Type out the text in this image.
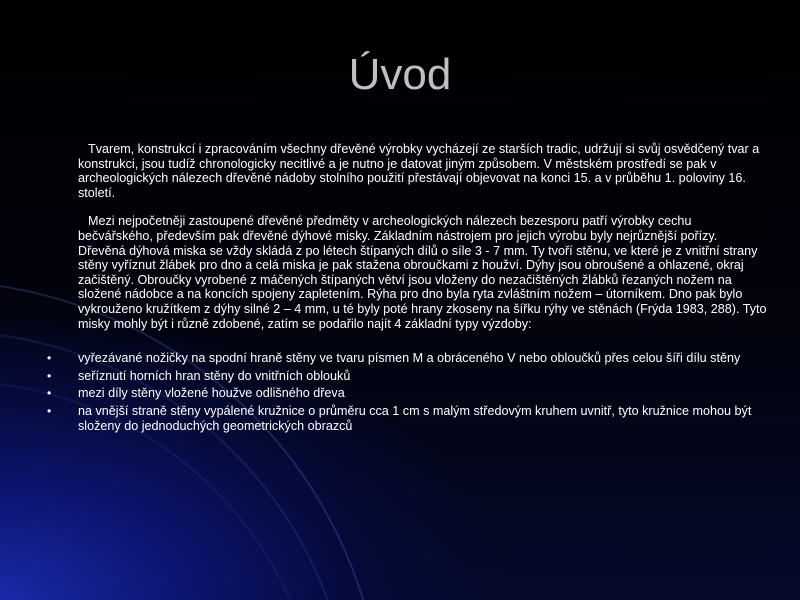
Úvod

Tvarem, konstrukcí i zpracováním všechny dřevěné výrobky vycházejí ze starších tradic, udržují si svůj osvědčený tvar a konstrukci, jsou tudíž chronologicky necitlivé a je nutno je datovat jiným způsobem. V městském prostředí se pak v archeologických nálezech dřevěné nádoby stolního použití přestávají objevovat na konci 15. a v průběhu 1. poloviny 16. století.

Mezi nejpočetněji zastoupené dřevěné předměty v archeologických nálezech bezesporu patří výrobky cechu bečvářského, především pak dřevěné dýhové misky. Základním nástrojem pro jejich výrobu byly nejrůznější pořízy. Dřevěná dýhová miska se vždy skládá z po létech štípaných dílů o síle 3 - 7 mm. Ty tvoří stěnu, ve které je z vnitřní strany stěny vyříznut žlábek pro dno a celá miska je pak stažena obroučkami z houžví. Dýhy jsou obroušené a ohlazené, okraj začištěný. Obroučky vyrobené z máčených štípaných větví jsou vloženy do nezačištěných žlábků řezaných nožem na složené nádobce a na koncích spojeny zapletením. Rýha pro dno byla ryta zvláštním nožem – útorníkem. Dno pak bylo vykrouženo kružítkem z dýhy silné 2 – 4 mm, u té byly poté hrany zkoseny na šířku rýhy ve stěnách (Frýda 1983, 288). Tyto misky mohly být i různě zdobené, zatím se podařilo najít 4 základní typy výzdoby:

• vyřezávané nožičky na spodní hraně stěny ve tvaru písmen M a obráceného V nebo obloučků přes celou šíři dílu stěny
• seříznutí horních hran stěny do vnitřních oblouků
• mezi díly stěny vložené houžve odlišného dřeva
• na vnější straně stěny vypálené kružnice o průměru cca 1 cm s malým středovým kruhem uvnitř, tyto kružnice mohou být složeny do jednoduchých geometrických obrazců
